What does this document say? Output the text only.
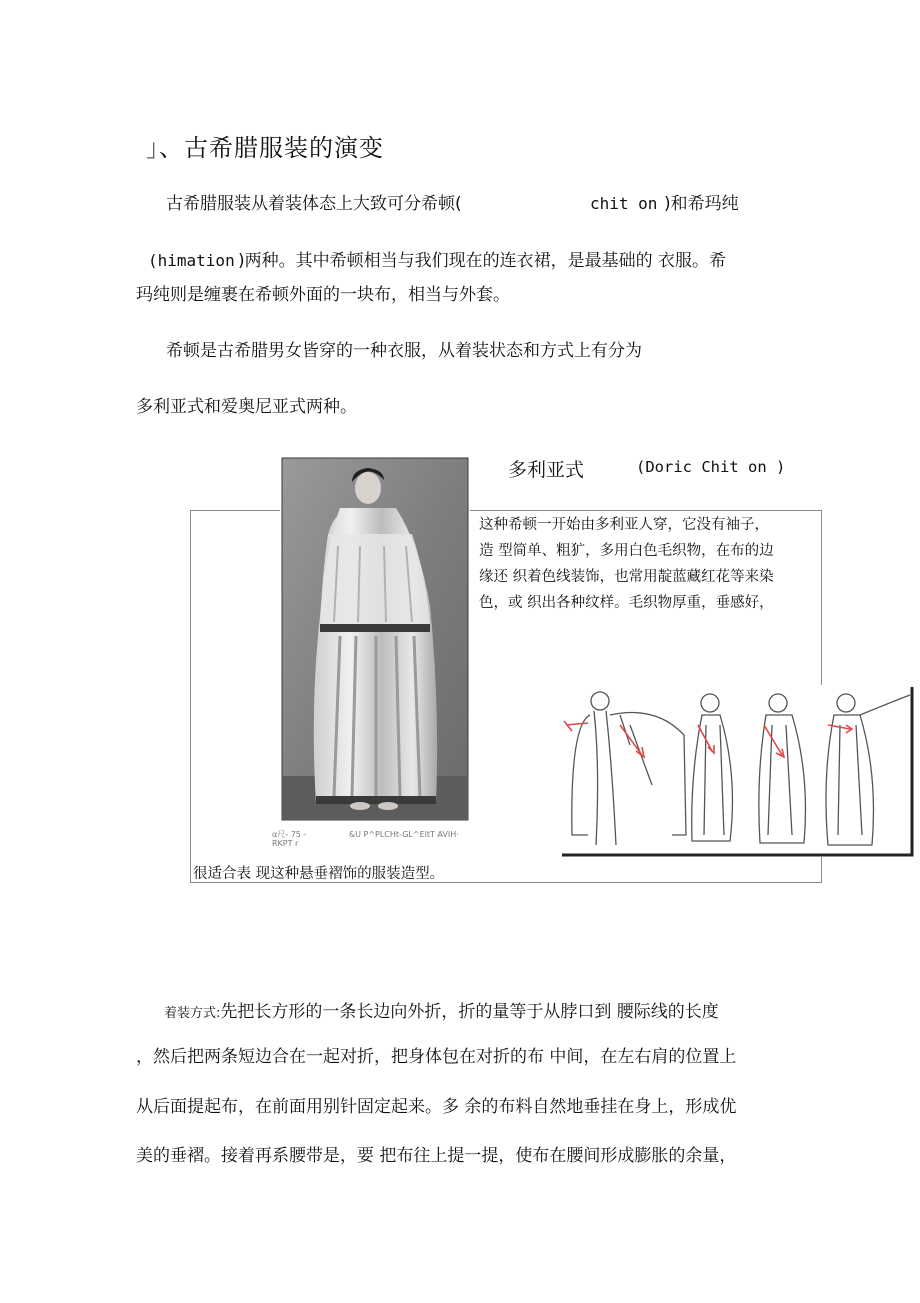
」、古希腊服装的演变
古希腊服装从着装体态上大致可分希顿(	chit on )和希玛纯
(himation )两种。其中希顿相当与我们现在的连衣裙，是最基础的 衣服。希
玛纯则是缠裹在希顿外面的一块布，相当与外套。
希顿是古希腊男女皆穿的一种衣服，从着装状态和方式上有分为
多利亚式和爱奥尼亚式两种。
多利亚式	(Doric Chit on )
这种希顿一开始由多利亚人穿，它没有袖子，
造 型简单、粗犷，多用白色毛织物，在布的边
缘还 织着色线装饰，也常用靛蓝藏红花等来染
色，或 织出各种纹样。毛织物厚重，垂感好，
α尺- 75 -	&U P^PLCHt-GL^EltT AVIH·
RKPT r
很适合表 现这种悬垂褶饰的服装造型。
着装方式:先把长方形的一条长边向外折，折的量等于从脖口到 腰际线的长度
，然后把两条短边合在一起对折，把身体包在对折的布 中间，在左右肩的位置上
从后面提起布，在前面用别针固定起来。多 余的布料自然地垂挂在身上，形成优
美的垂褶。接着再系腰带是，要 把布往上提一提，使布在腰间形成膨胀的余量，
